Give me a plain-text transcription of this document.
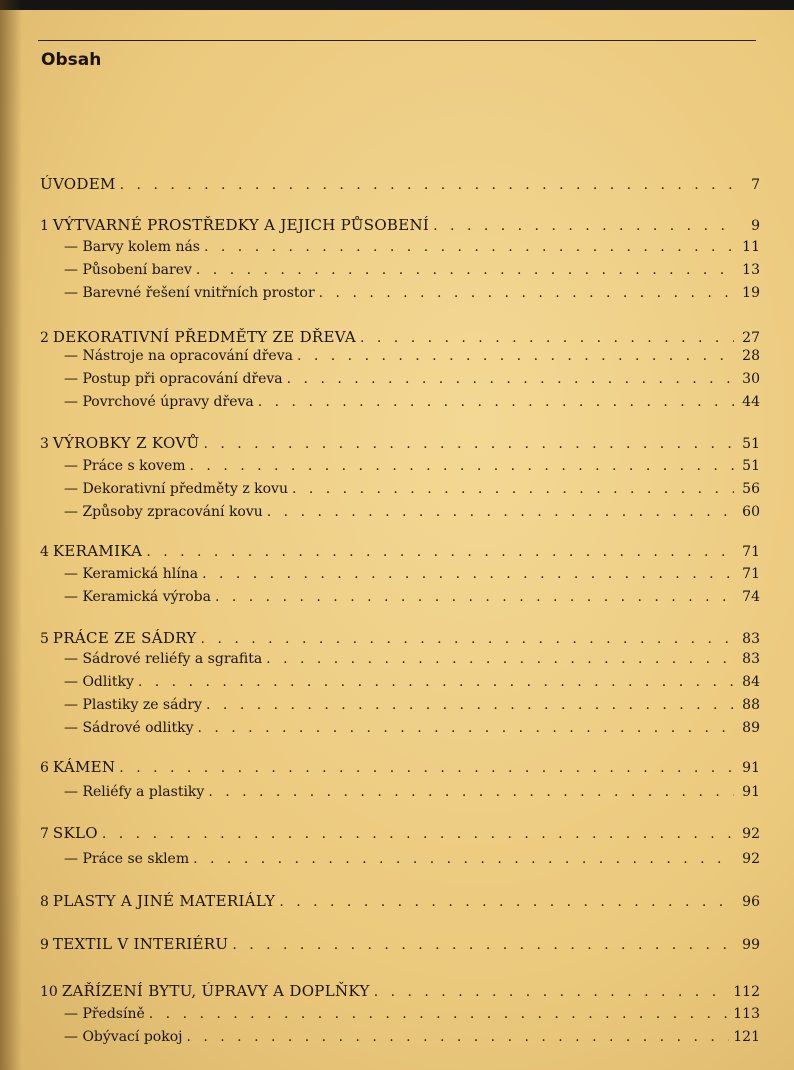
Obsah
ÚVODEM . . .	7
1 VÝTVARNÉ PROSTŘEDKY A JEJICH PŮSOBENÍ . . .	9
— Barvy kolem nás . . .	11
— Působení barev . . .	13
— Barevné řešení vnitřních prostor . . .	19
2 DEKORATIVNÍ PŘEDMĚTY ZE DŘEVA . . .	27
— Nástroje na opracování dřeva . . .	28
— Postup při opracování dřeva . . .	30
— Povrchové úpravy dřeva . . .	44
3 VÝROBKY Z KOVŮ . . .	51
— Práce s kovem . . .	51
— Dekorativní předměty z kovu . . .	56
— Způsoby zpracování kovu . . .	60
4 KERAMIKA . . .	71
— Keramická hlína . . .	71
— Keramická výroba . . .	74
5 PRÁCE ZE SÁDRY . . .	83
— Sádrové reliéfy a sgrafita . . .	83
— Odlitky . . .	84
— Plastiky ze sádry . . .	88
— Sádrové odlitky . . .	89
6 KÁMEN . . .	91
— Reliéfy a plastiky . . .	91
7 SKLO . . .	92
— Práce se sklem . . .	92
8 PLASTY A JINÉ MATERIÁLY . . .	96
9 TEXTIL V INTERIÉRU . . .	99
10 ZAŘÍZENÍ BYTU, ÚPRAVY A DOPLŇKY . . .	112
— Předsíně . . .	113
— Obývací pokoj . . .	121
